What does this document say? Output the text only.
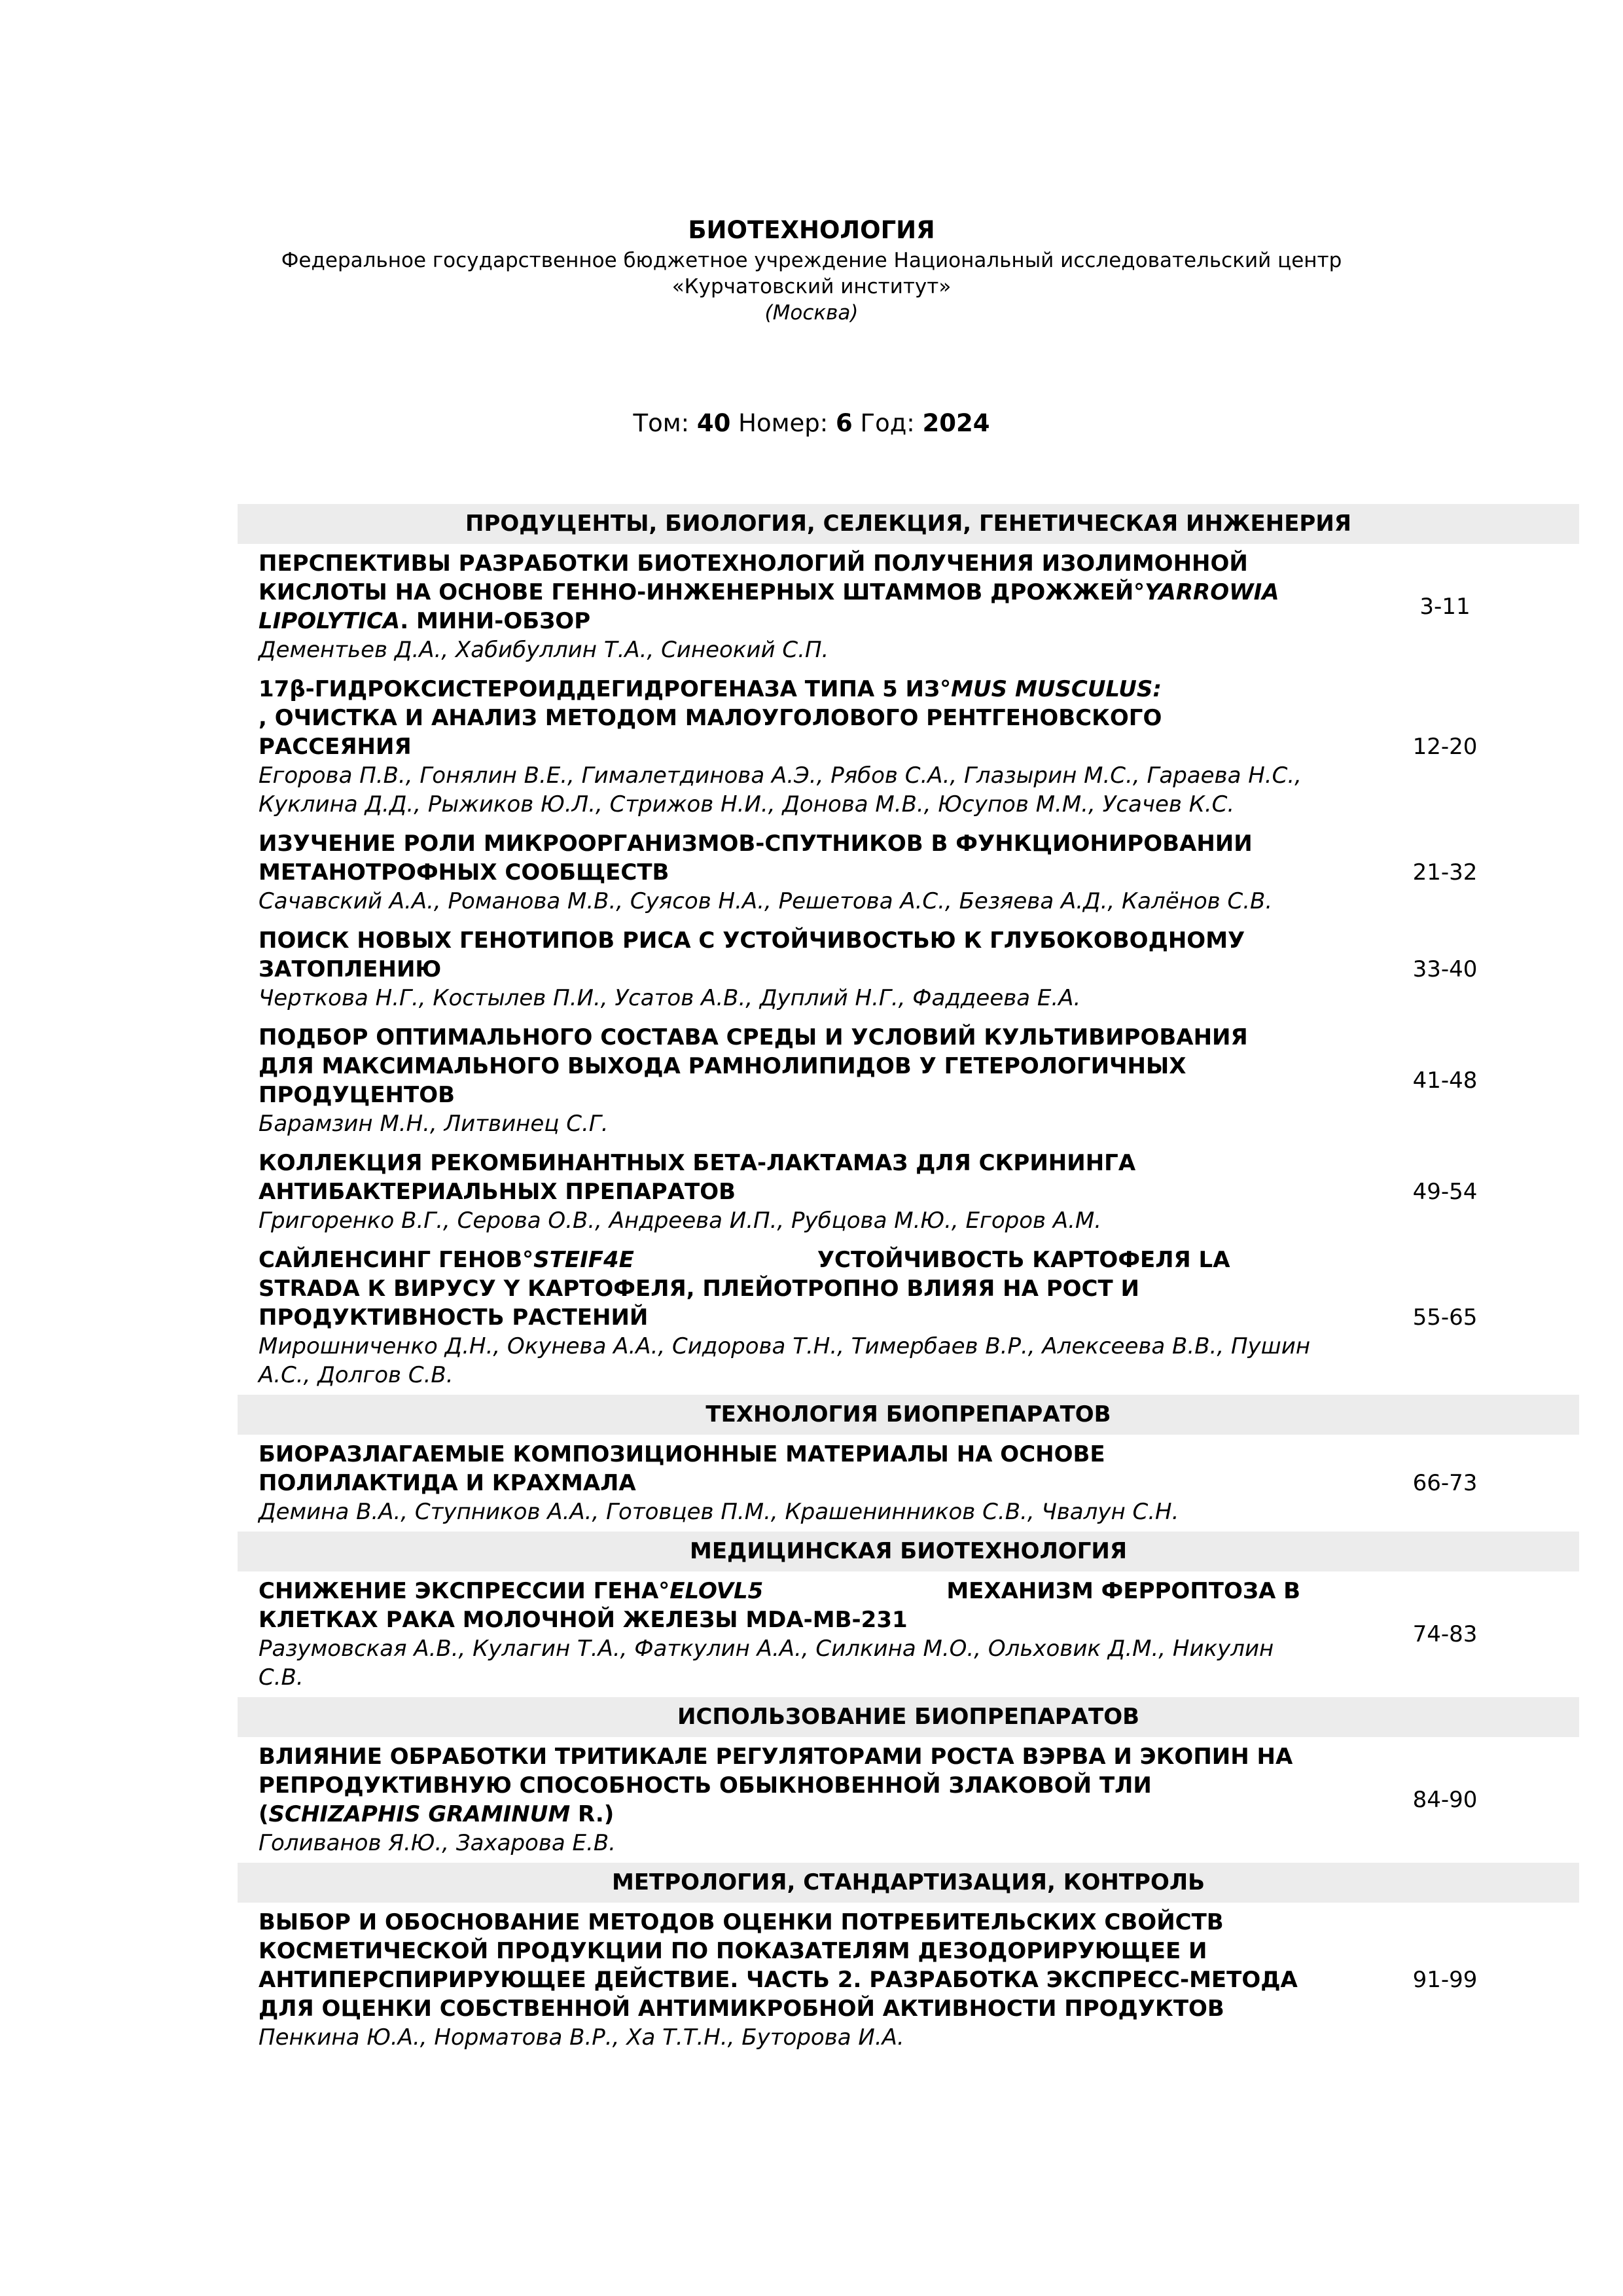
БИОТЕХНОЛОГИЯ
Федеральное государственное бюджетное учреждение Национальный исследовательский центр
«Курчатовский институт»
(Москва)
Том: 40 Номер: 6 Год: 2024
ПРОДУЦЕНТЫ, БИОЛОГИЯ, СЕЛЕКЦИЯ, ГЕНЕТИЧЕСКАЯ ИНЖЕНЕРИЯ
ПЕРСПЕКТИВЫ РАЗРАБОТКИ БИОТЕХНОЛОГИЙ ПОЛУЧЕНИЯ ИЗОЛИМОННОЙ КИСЛОТЫ НА ОСНОВЕ ГЕННО-ИНЖЕНЕРНЫХ ШТАММОВ ДРОЖЖЕЙ°YARROWIA LIPOLYTICA. МИНИ-ОБЗОР
Дементьев Д.А., Хабибуллин Т.А., Синеокий С.П.
3-11
17β-ГИДРОКСИСТЕРОИДДЕГИДРОГЕНАЗА ТИПА 5 ИЗ°MUS MUSCULUS:, ОЧИСТКА И АНАЛИЗ МЕТОДОМ МАЛОУГОЛОВОГО РЕНТГЕНОВСКОГО РАССЕЯНИЯ
Егорова П.В., Гонялин В.Е., Гималетдинова А.Э., Рябов С.А., Глазырин М.С., Гараева Н.С., Куклина Д.Д., Рыжиков Ю.Л., Стрижов Н.И., Донова М.В., Юсупов М.М., Усачев К.С.
12-20
ИЗУЧЕНИЕ РОЛИ МИКРООРГАНИЗМОВ-СПУТНИКОВ В ФУНКЦИОНИРОВАНИИ МЕТАНОТРОФНЫХ СООБЩЕСТВ
Сачавский А.А., Романова М.В., Суясов Н.А., Решетова А.С., Безяева А.Д., Калёнов С.В.
21-32
ПОИСК НОВЫХ ГЕНОТИПОВ РИСА С УСТОЙЧИВОСТЬЮ К ГЛУБОКОВОДНОМУ ЗАТОПЛЕНИЮ
Черткова Н.Г., Костылев П.И., Усатов А.В., Дуплий Н.Г., Фаддеева Е.А.
33-40
ПОДБОР ОПТИМАЛЬНОГО СОСТАВА СРЕДЫ И УСЛОВИЙ КУЛЬТИВИРОВАНИЯ ДЛЯ МАКСИМАЛЬНОГО ВЫХОДА РАМНОЛИПИДОВ У ГЕТЕРОЛОГИЧНЫХ ПРОДУЦЕНТОВ
Барамзин М.Н., Литвинец С.Г.
41-48
КОЛЛЕКЦИЯ РЕКОМБИНАНТНЫХ БЕТА-ЛАКТАМАЗ ДЛЯ СКРИНИНГА АНТИБАКТЕРИАЛЬНЫХ ПРЕПАРАТОВ
Григоренко В.Г., Серова О.В., Андреева И.П., Рубцова М.Ю., Егоров А.М.
49-54
САЙЛЕНСИНГ ГЕНОВ°STEIF4E	УСТОЙЧИВОСТЬ КАРТОФЕЛЯ LA STRADA К ВИРУСУ Y КАРТОФЕЛЯ, ПЛЕЙОТРОПНО ВЛИЯЯ НА РОСТ И ПРОДУКТИВНОСТЬ РАСТЕНИЙ
Мирошниченко Д.Н., Окунева А.А., Сидорова Т.Н., Тимербаев В.Р., Алексеева В.В., Пушин А.С., Долгов С.В.
55-65
ТЕХНОЛОГИЯ БИОПРЕПАРАТОВ
БИОРАЗЛАГАЕМЫЕ КОМПОЗИЦИОННЫЕ МАТЕРИАЛЫ НА ОСНОВЕ ПОЛИЛАКТИДА И КРАХМАЛА
Демина В.А., Ступников А.А., Готовцев П.М., Крашенинников С.В., Чвалун С.Н.
66-73
МЕДИЦИНСКАЯ БИОТЕХНОЛОГИЯ
СНИЖЕНИЕ ЭКСПРЕССИИ ГЕНА°ELOVL5	МЕХАНИЗМ ФЕРРОПТОЗА В КЛЕТКАХ РАКА МОЛОЧНОЙ ЖЕЛЕЗЫ MDA-MB-231
Разумовская А.В., Кулагин Т.А., Фаткулин А.А., Силкина М.О., Ольховик Д.М., Никулин С.В.
74-83
ИСПОЛЬЗОВАНИЕ БИОПРЕПАРАТОВ
ВЛИЯНИЕ ОБРАБОТКИ ТРИТИКАЛЕ РЕГУЛЯТОРАМИ РОСТА ВЭРВА И ЭКОПИН НА РЕПРОДУКТИВНУЮ СПОСОБНОСТЬ ОБЫКНОВЕННОЙ ЗЛАКОВОЙ ТЛИ (SCHIZAPHIS GRAMINUM R.)
Голиванов Я.Ю., Захарова Е.В.
84-90
МЕТРОЛОГИЯ, СТАНДАРТИЗАЦИЯ, КОНТРОЛЬ
ВЫБОР И ОБОСНОВАНИЕ МЕТОДОВ ОЦЕНКИ ПОТРЕБИТЕЛЬСКИХ СВОЙСТВ КОСМЕТИЧЕСКОЙ ПРОДУКЦИИ ПО ПОКАЗАТЕЛЯМ ДЕЗОДОРИРУЮЩЕЕ И АНТИПЕРСПИРИРУЮЩЕЕ ДЕЙСТВИЕ. ЧАСТЬ 2. РАЗРАБОТКА ЭКСПРЕСС-МЕТОДА ДЛЯ ОЦЕНКИ СОБСТВЕННОЙ АНТИМИКРОБНОЙ АКТИВНОСТИ ПРОДУКТОВ
Пенкина Ю.А., Норматова В.Р., Ха Т.Т.Н., Буторова И.А.
91-99
